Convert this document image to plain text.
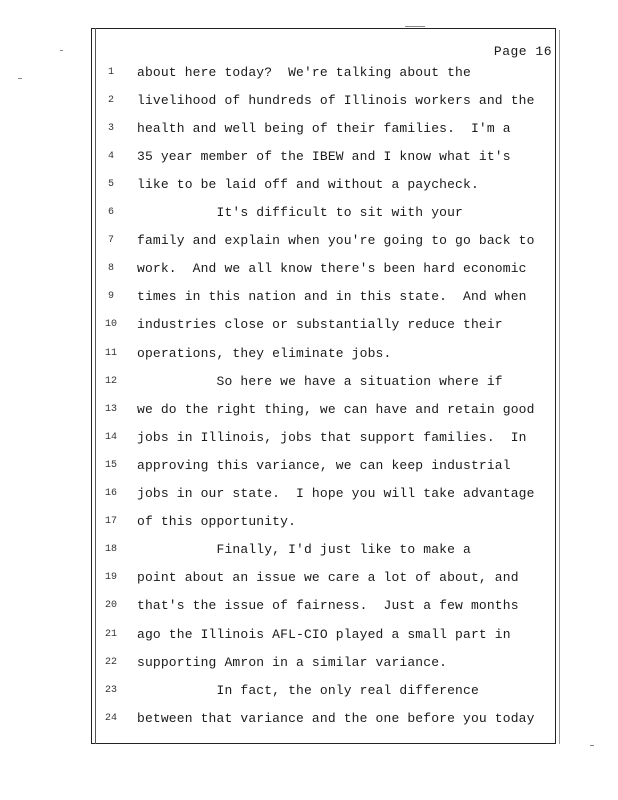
Page 16
1	about here today?  We're talking about the
2	livelihood of hundreds of Illinois workers and the
3	health and well being of their families.  I'm a
4	35 year member of the IBEW and I know what it's
5	like to be laid off and without a paycheck.
6	It's difficult to sit with your
7	family and explain when you're going to go back to
8	work.  And we all know there's been hard economic
9	times in this nation and in this state.  And when
10	industries close or substantially reduce their
11	operations, they eliminate jobs.
12	So here we have a situation where if
13	we do the right thing, we can have and retain good
14	jobs in Illinois, jobs that support families.  In
15	approving this variance, we can keep industrial
16	jobs in our state.  I hope you will take advantage
17	of this opportunity.
18	Finally, I'd just like to make a
19	point about an issue we care a lot of about, and
20	that's the issue of fairness.  Just a few months
21	ago the Illinois AFL-CIO played a small part in
22	supporting Amron in a similar variance.
23	In fact, the only real difference
24	between that variance and the one before you today
